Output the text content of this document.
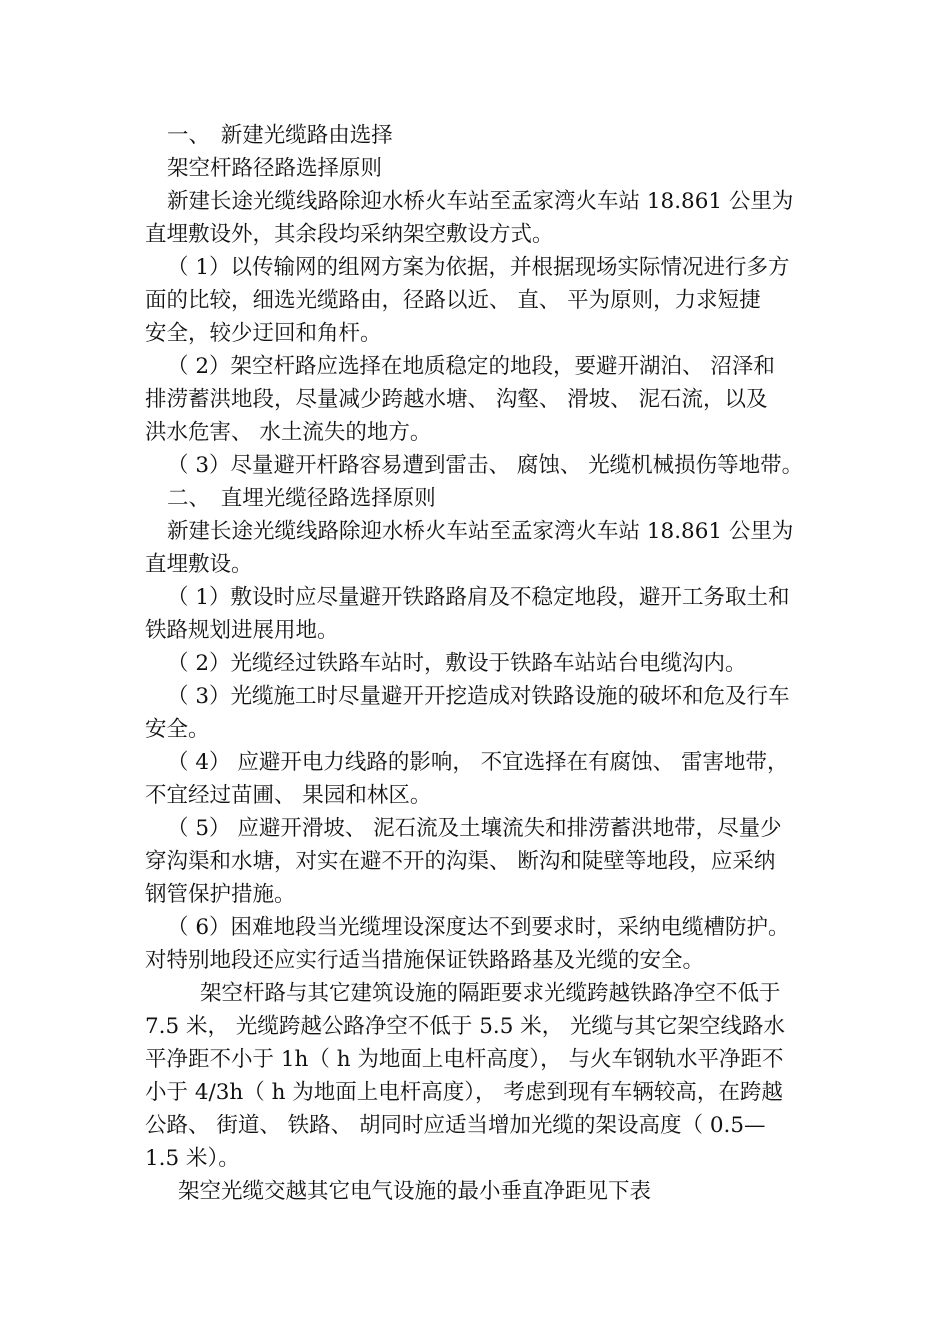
一、　新建光缆路由选择
架空杆路径路选择原则
新建长途光缆线路除迎水桥火车站至孟家湾火车站 18.861 公里为
直埋敷设外，其余段均采纳架空敷设方式。
（ 1）以传输网的组网方案为依据，并根据现场实际情况进行多方
面的比较，细选光缆路由，径路以近、 直、 平为原则，力求短捷
安全，较少迂回和角杆。
（ 2）架空杆路应选择在地质稳定的地段，要避开湖泊、 沼泽和
排涝蓄洪地段，尽量减少跨越水塘、 沟壑、 滑坡、 泥石流，以及
洪水危害、 水土流失的地方。
（ 3）尽量避开杆路容易遭到雷击、 腐蚀、 光缆机械损伤等地带。
二、　直埋光缆径路选择原则
新建长途光缆线路除迎水桥火车站至孟家湾火车站 18.861 公里为
直埋敷设。
（ 1）敷设时应尽量避开铁路路肩及不稳定地段，避开工务取土和
铁路规划进展用地。
（ 2）光缆经过铁路车站时，敷设于铁路车站站台电缆沟内。
（ 3）光缆施工时尽量避开开挖造成对铁路设施的破坏和危及行车
安全。
（ 4） 应避开电力线路的影响， 不宜选择在有腐蚀、 雷害地带，
不宜经过苗圃、 果园和林区。
（ 5） 应避开滑坡、 泥石流及土壤流失和排涝蓄洪地带，尽量少
穿沟渠和水塘，对实在避不开的沟渠、 断沟和陡壁等地段，应采纳
钢管保护措施。
（ 6）困难地段当光缆埋设深度达不到要求时，采纳电缆槽防护。
对特别地段还应实行适当措施保证铁路路基及光缆的安全。
架空杆路与其它建筑设施的隔距要求光缆跨越铁路净空不低于
7.5 米， 光缆跨越公路净空不低于 5.5 米， 光缆与其它架空线路水
平净距不小于 1h（ h 为地面上电杆高度）， 与火车钢轨水平净距不
小于 4/3h（ h 为地面上电杆高度）， 考虑到现有车辆较高，在跨越
公路、 街道、 铁路、 胡同时应适当增加光缆的架设高度（ 0.5—
1.5 米）。
架空光缆交越其它电气设施的最小垂直净距见下表
